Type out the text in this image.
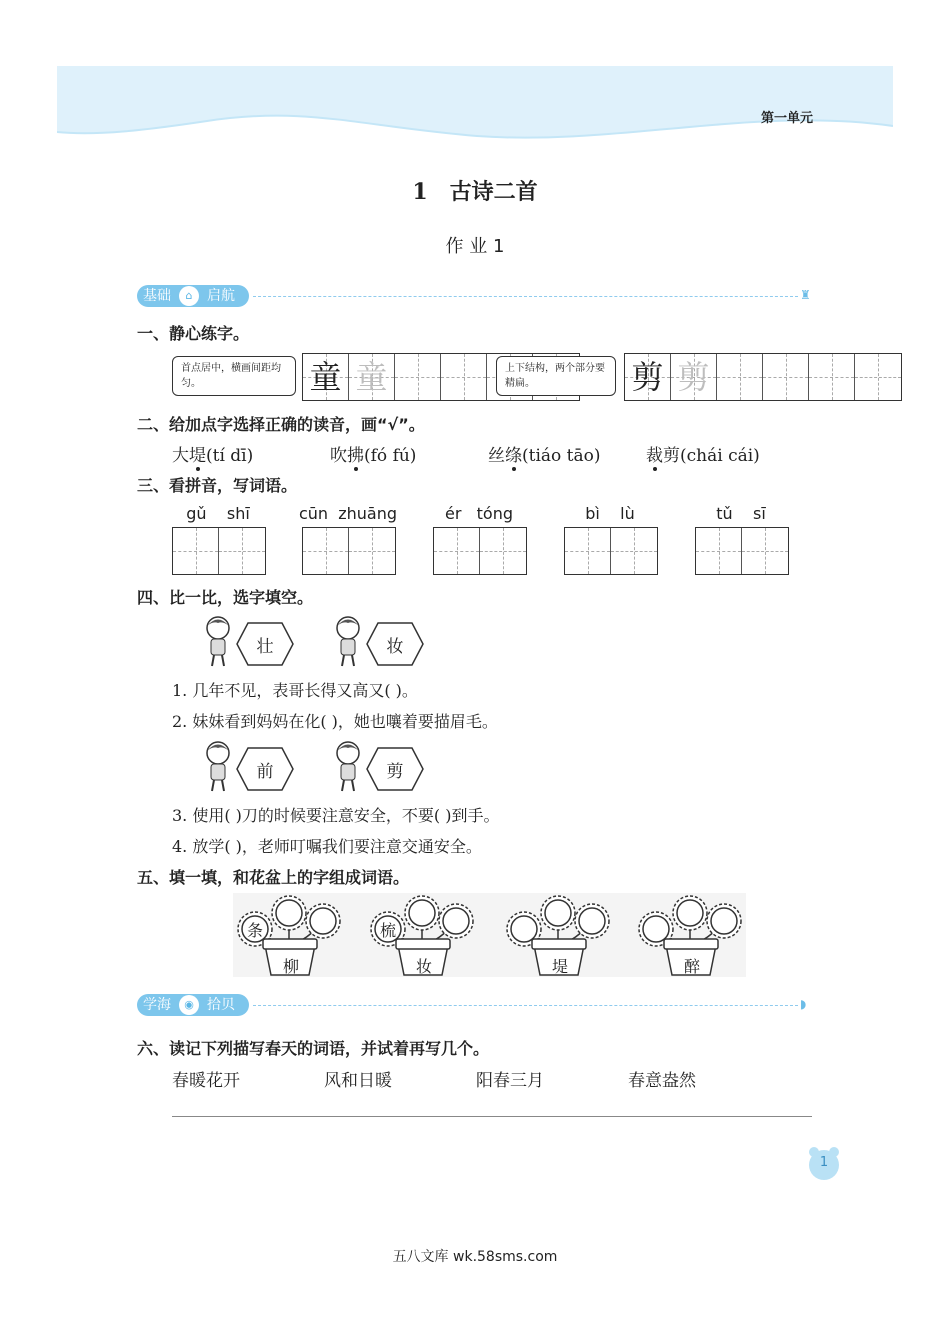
第一单元
1 古诗二首
作 业 1
基础	⌂	启航	♜
一、静心练字。
首点居中，横画间距均匀。	童 童	上下结构，两个部分要精扁。	剪 剪
二、给加点字选择正确的读音，画“√”。
大堤(tí dī)	吹拂(fó fú)	丝绦(tiáo tāo)	裁剪(chái cái)
三、看拼音，写词语。
gǔ    shī	cūn  zhuāng	ér   tóng	bì    lù	tǔ    sī
四、比一比，选字填空。
壮	妆
1. 几年不见，表哥长得又高又( )。
2. 妹妹看到妈妈在化( )，她也嚷着要描眉毛。
前	剪
3. 使用( )刀的时候要注意安全，不要( )到手。
4. 放学( )，老师叮嘱我们要注意交通安全。
五、填一填，和花盆上的字组成词语。
条
柳
梳
妆	堤	醉
学海	◉ 拾贝	◗
六、读记下列描写春天的词语，并试着再写几个。
春暖花开	风和日暖	阳春三月	春意盎然
1
五八文库 wk.58sms.com
